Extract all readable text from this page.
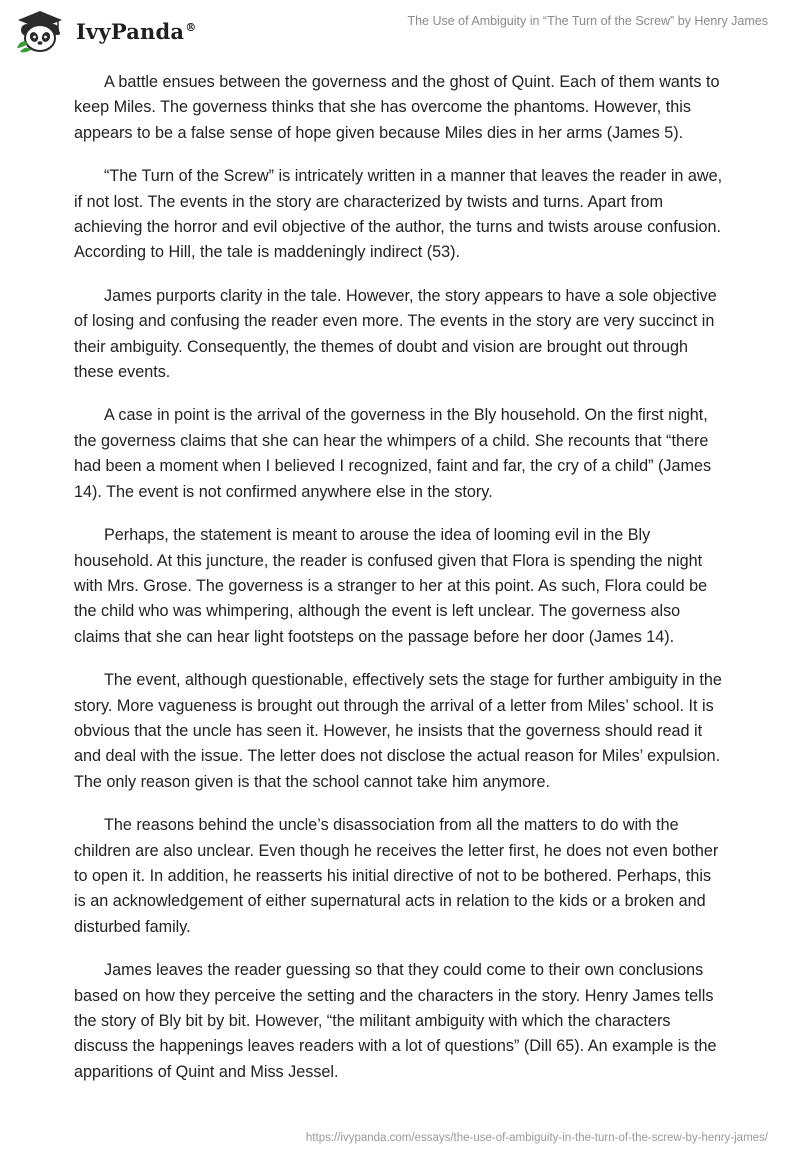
IvyPanda®	The Use of Ambiguity in “The Turn of the Screw” by Henry James

A battle ensues between the governess and the ghost of Quint. Each of them wants to keep Miles. The governess thinks that she has overcome the phantoms. However, this appears to be a false sense of hope given because Miles dies in her arms (James 5).

“The Turn of the Screw” is intricately written in a manner that leaves the reader in awe, if not lost. The events in the story are characterized by twists and turns. Apart from achieving the horror and evil objective of the author, the turns and twists arouse confusion. According to Hill, the tale is maddeningly indirect (53).

James purports clarity in the tale. However, the story appears to have a sole objective of losing and confusing the reader even more. The events in the story are very succinct in their ambiguity. Consequently, the themes of doubt and vision are brought out through these events.

A case in point is the arrival of the governess in the Bly household. On the first night, the governess claims that she can hear the whimpers of a child. She recounts that “there had been a moment when I believed I recognized, faint and far, the cry of a child” (James 14). The event is not confirmed anywhere else in the story.

Perhaps, the statement is meant to arouse the idea of looming evil in the Bly household. At this juncture, the reader is confused given that Flora is spending the night with Mrs. Grose. The governess is a stranger to her at this point. As such, Flora could be the child who was whimpering, although the event is left unclear. The governess also claims that she can hear light footsteps on the passage before her door (James 14).

The event, although questionable, effectively sets the stage for further ambiguity in the story. More vagueness is brought out through the arrival of a letter from Miles’ school. It is obvious that the uncle has seen it. However, he insists that the governess should read it and deal with the issue. The letter does not disclose the actual reason for Miles’ expulsion. The only reason given is that the school cannot take him anymore.

The reasons behind the uncle’s disassociation from all the matters to do with the children are also unclear. Even though he receives the letter first, he does not even bother to open it. In addition, he reasserts his initial directive of not to be bothered. Perhaps, this is an acknowledgement of either supernatural acts in relation to the kids or a broken and disturbed family.

James leaves the reader guessing so that they could come to their own conclusions based on how they perceive the setting and the characters in the story. Henry James tells the story of Bly bit by bit. However, “the militant ambiguity with which the characters discuss the happenings leaves readers with a lot of questions” (Dill 65). An example is the apparitions of Quint and Miss Jessel.

https://ivypanda.com/essays/the-use-of-ambiguity-in-the-turn-of-the-screw-by-henry-james/
